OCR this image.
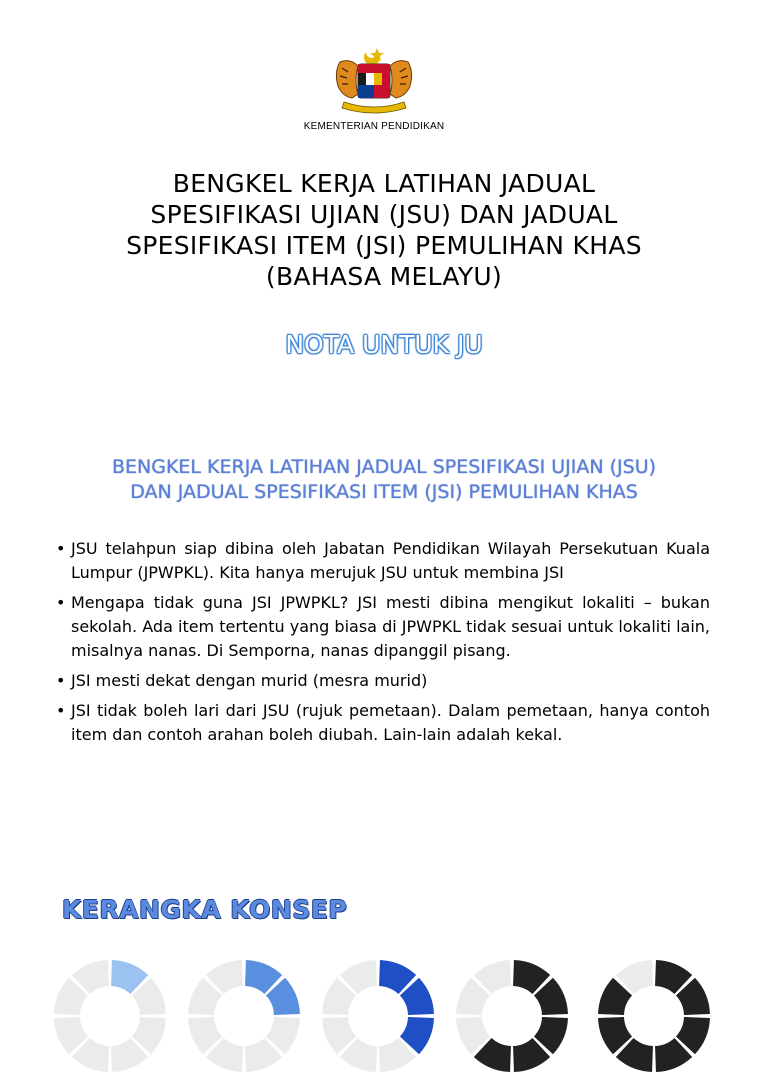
KEMENTERIAN PENDIDIKAN
BENGKEL KERJA LATIHAN JADUAL
SPESIFIKASI UJIAN (JSU) DAN JADUAL
SPESIFIKASI ITEM (JSI) PEMULIHAN KHAS
(BAHASA MELAYU)
NOTA UNTUK JU
BENGKEL KERJA LATIHAN JADUAL SPESIFIKASI UJIAN (JSU)
DAN JADUAL SPESIFIKASI ITEM (JSI) PEMULIHAN KHAS
• JSU telahpun siap dibina oleh Jabatan Pendidikan Wilayah Persekutuan Kuala Lumpur (JPWPKL). Kita hanya merujuk JSU untuk membina JSI
• Mengapa tidak guna JSI JPWPKL? JSI mesti dibina mengikut lokaliti – bukan sekolah. Ada item tertentu yang biasa di JPWPKL tidak sesuai untuk lokaliti lain, misalnya nanas. Di Semporna, nanas dipanggil pisang.
• JSI mesti dekat dengan murid (mesra murid)
• JSI tidak boleh lari dari JSU (rujuk pemetaan). Dalam pemetaan, hanya contoh item dan contoh arahan boleh diubah. Lain-lain adalah kekal.
KERANGKA KONSEP
